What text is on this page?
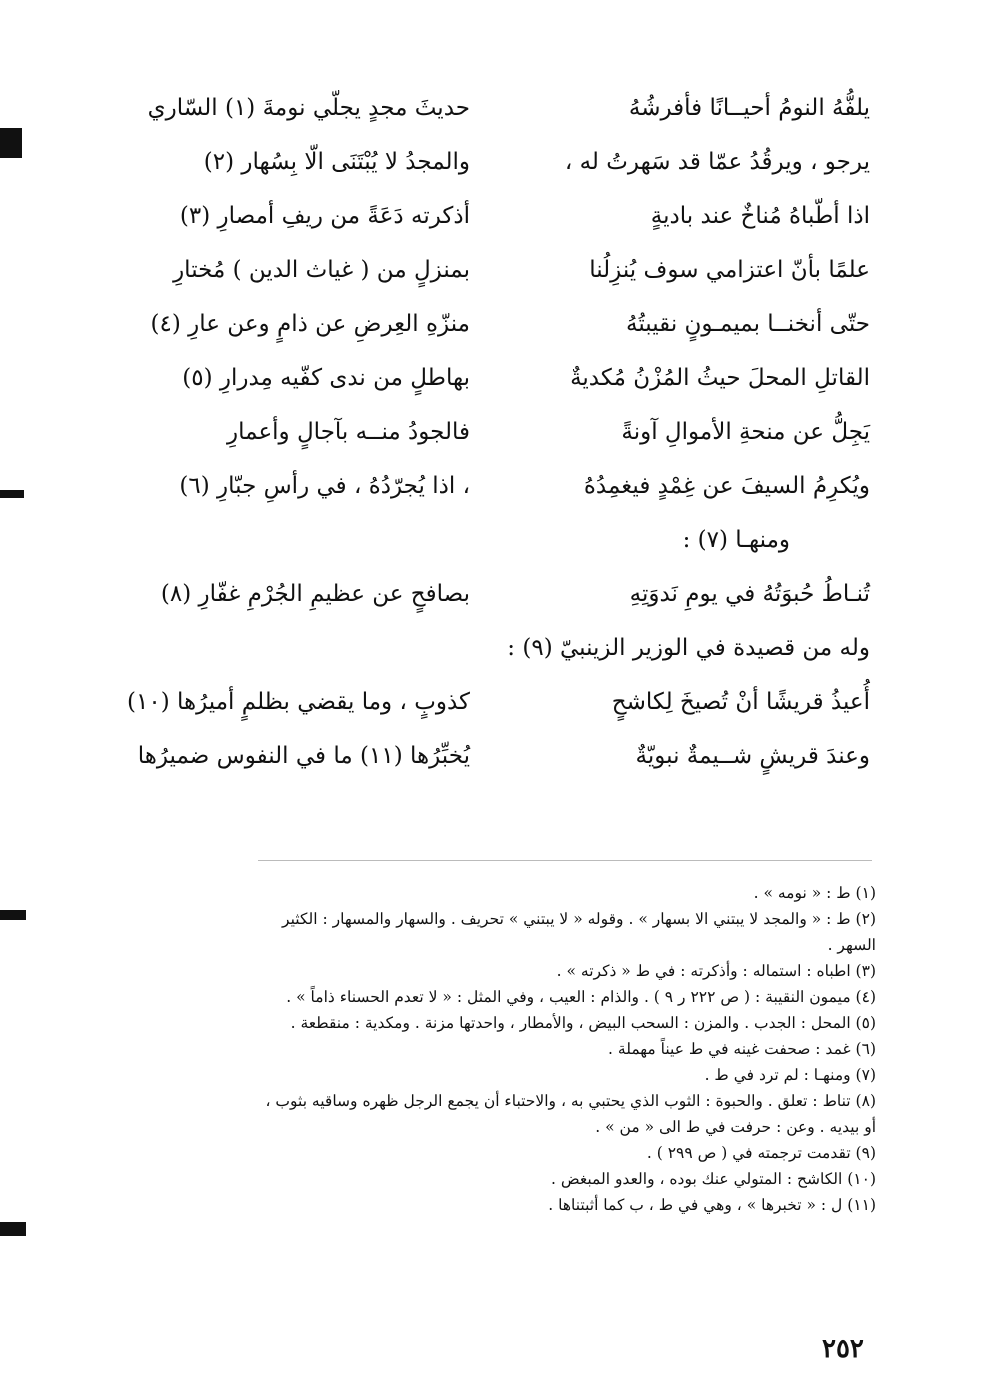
يلفُّهُ النومُ أحيــانًا فأفرشُهُ
حديثَ مجدٍ يجلّي نومةَ (١) السّاري
يرجو ، ويرقُدُ عمّا قد سَهرتُ له ،
والمجدُ لا يُبْتَنَى الّا بِسُهار (٢)
اذا أطّباهُ مُناخٌ عند باديةٍ
أذكرته دَعَةً من ريفِ أمصارِ (٣)
علمًا بأنّ اعتزامي سوف يُنزِلُنا
بمنزلٍ من ( غياث الدين ) مُختارِ
حتّى أنخنــا بميمـونٍ نقيبتُهُ
منزّهِ العِرضِ عن ذامٍ وعن عارِ (٤)
القاتلِ المحلَ حيثُ المُزْنُ مُكديةٌ
بهاطلٍ من ندى كفّيه مِدرارِ (٥)
يَجِلُّ عن منحةِ الأموالِ آونةً
فالجودُ منــه بآجالٍ وأعمارِ
ويُكرِمُ السيفَ عن غِمْدٍ فيغمِدُهُ
، اذا يُجرّدُهُ ، في رأسِ جبّارِ (٦)
ومنهـا (٧) :
تُنـاطُ حُبوَتُهُ في يومِ نَدوَتِهِ
بصافحٍ عن عظيمِ الجُرْمِ غفّارِ (٨)
وله من قصيدة في الوزير الزينبيّ (٩) :
أُعيذُ قريشًا أنْ تُصيخَ لِكاشحٍ
كذوبٍ ، وما يقضي بظلمٍ أميرُها (١٠)
وعندَ قريشٍ شــيمةٌ نبويّةٌ
يُخبِّرُها (١١) ما في النفوس ضميرُها
(١) ط : « نومه » .
(٢) ط : « والمجد لا يبتني الا بسهار » . وقوله « لا يبتني » تحريف . والسهار والمسهار : الكثير
السهر .
(٣) اطباه : استماله : وأذكرته : في ط « ذكرته » .
(٤) ميمون النقيبة : ( ص ٢٢٢ ر ٩ ) . والذام : العيب ، وفي المثل : « لا تعدم الحسناء ذاماً » .
(٥) المحل : الجدب . والمزن : السحب البيض ، والأمطار ، واحدتها مزنة . ومكدية : منقطعة .
(٦) غمد : صحفت غينه في ط عيناً مهملة .
(٧) ومنهـا : لم ترد في ط .
(٨) تناط : تعلق . والحبوة : الثوب الذي يحتبي به ، والاحتباء أن يجمع الرجل ظهره وساقيه بثوب ،
أو بيديه . وعن : حرفت في ط الى « من » .
(٩) تقدمت ترجمته في ( ص ٢٩٩ ) .
(١٠) الكاشح : المتولي عنك بوده ، والعدو المبغض .
(١١) ل : « تخبرها » ، وهي في ط ، ب كما أثبتناها .
٢٥٢
